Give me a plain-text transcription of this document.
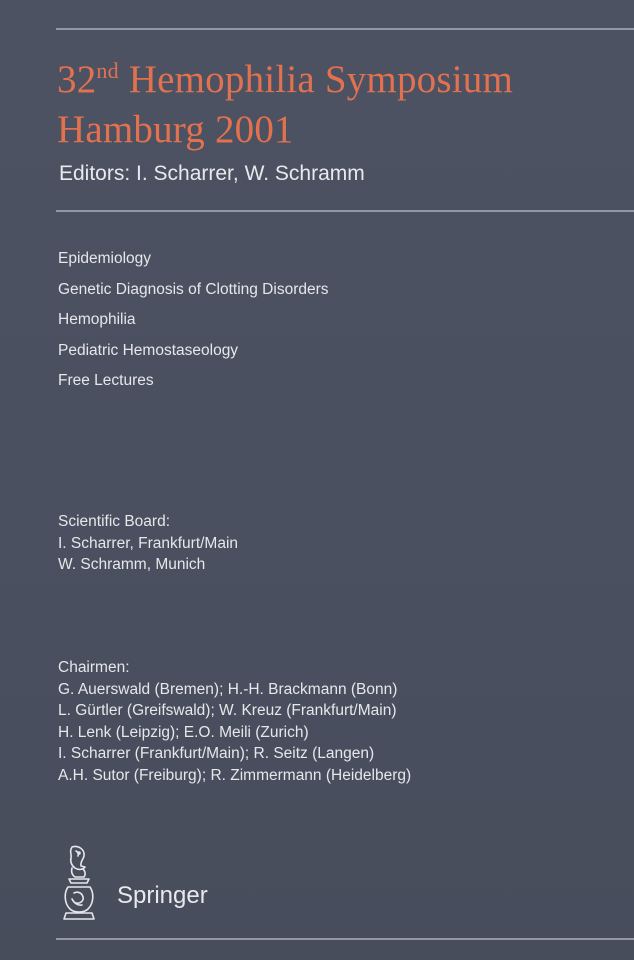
32nd Hemophilia Symposium
Hamburg 2001
Editors: I. Scharrer, W. Schramm
Epidemiology
Genetic Diagnosis of Clotting Disorders
Hemophilia
Pediatric Hemostaseology
Free Lectures
Scientific Board:
I. Scharrer, Frankfurt/Main
W. Schramm, Munich
Chairmen:
G. Auerswald (Bremen); H.-H. Brackmann (Bonn)
L. Gürtler (Greifswald); W. Kreuz (Frankfurt/Main)
H. Lenk (Leipzig); E.O. Meili (Zurich)
I. Scharrer (Frankfurt/Main); R. Seitz (Langen)
A.H. Sutor (Freiburg); R. Zimmermann (Heidelberg)
Springer
